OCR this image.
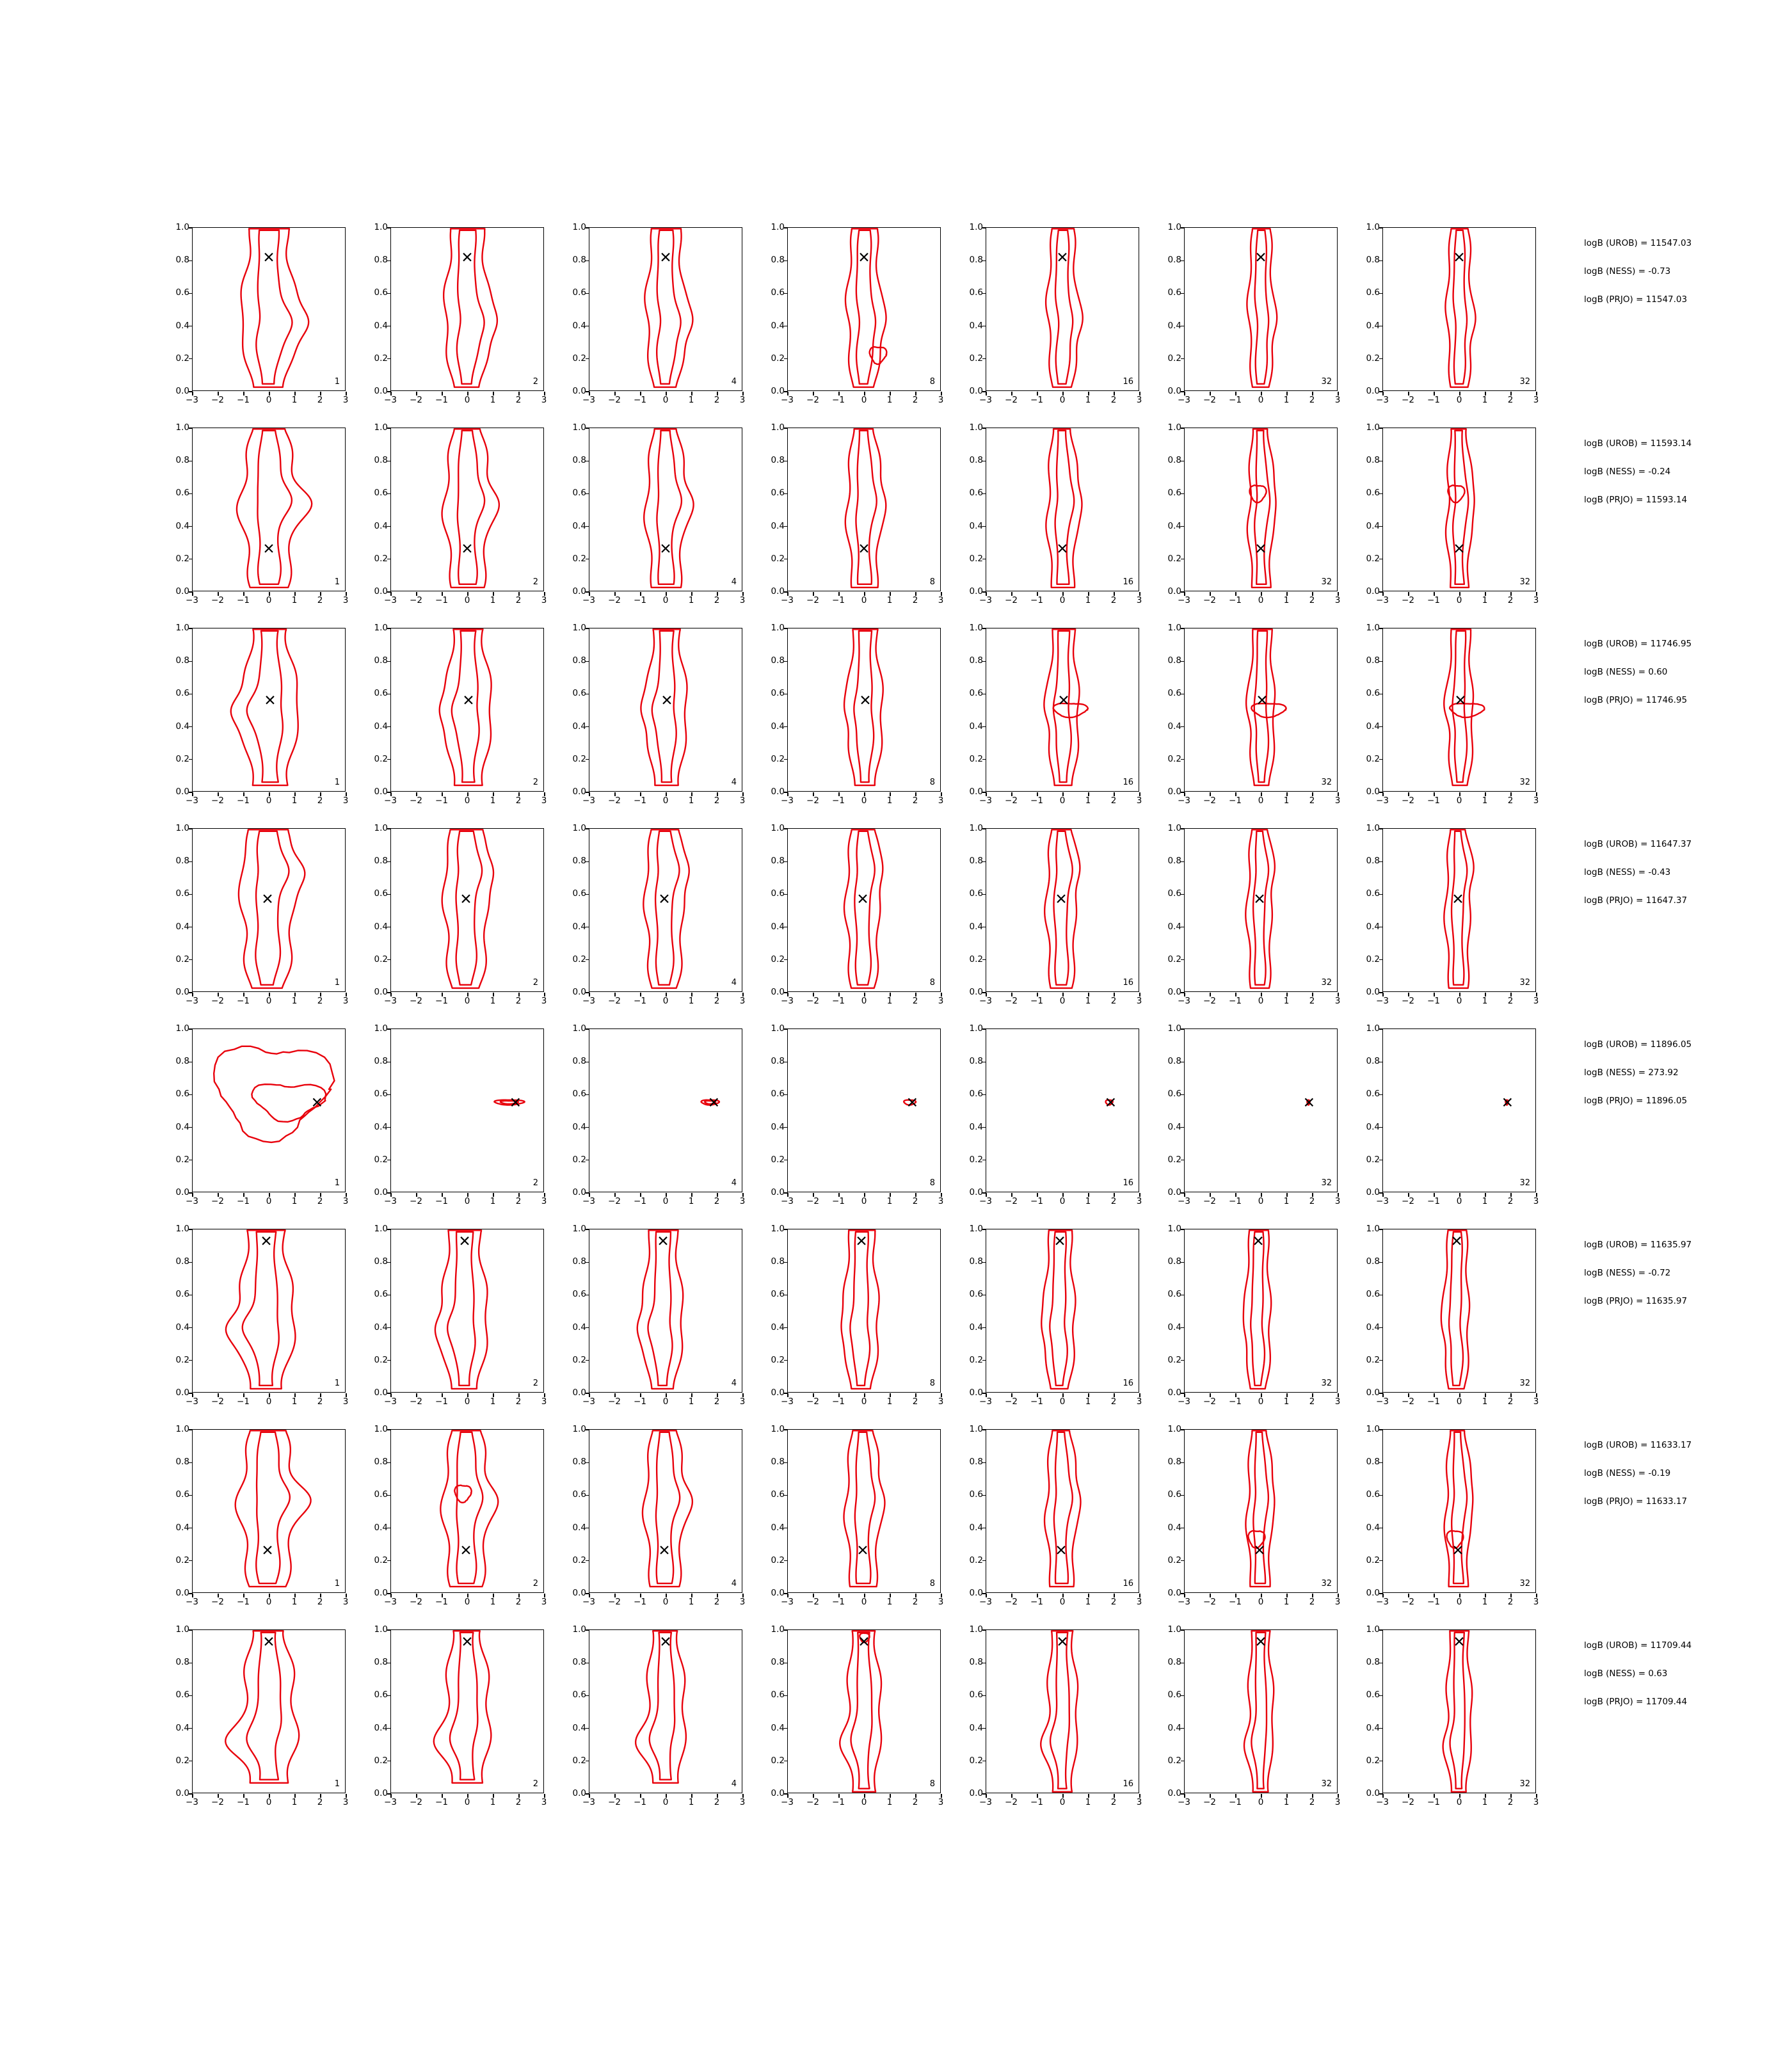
1
0.0
0.2
0.4
0.6
0.8
1.0
−3 −2 −1 0 1 2 3
2
0.0
0.2
0.4
0.6
0.8
1.0
−3 −2 −1 0 1 2 3
4
0.0
0.2
0.4
0.6
0.8
1.0
−3 −2 −1 0 1 2 3
8
0.0
0.2
0.4
0.6
0.8
1.0
−3 −2 −1 0 1 2 3
16
0.0
0.2
0.4
0.6
0.8
1.0
−3 −2 −1 0 1 2 3
32
0.0
0.2
0.4
0.6
0.8
1.0
−3 −2 −1 0 1 2 3
32
0.0
0.2
0.4
0.6
0.8
1.0
−3 −2 −1 0 1 2 3
1
0.0
0.2
0.4
0.6
0.8
1.0
−3 −2 −1 0 1 2 3
2
0.0
0.2
0.4
0.6
0.8
1.0
−3 −2 −1 0 1 2 3
4
0.0
0.2
0.4
0.6
0.8
1.0
−3 −2 −1 0 1 2 3
8
0.0
0.2
0.4
0.6
0.8
1.0
−3 −2 −1 0 1 2 3
16
0.0
0.2
0.4
0.6
0.8
1.0
−3 −2 −1 0 1 2 3
32
0.0
0.2
0.4
0.6
0.8
1.0
−3 −2 −1 0 1 2 3
32
0.0
0.2
0.4
0.6
0.8
1.0
−3 −2 −1 0 1 2 3
1
0.0
0.2
0.4
0.6
0.8
1.0
−3 −2 −1 0 1 2 3
2
0.0
0.2
0.4
0.6
0.8
1.0
−3 −2 −1 0 1 2 3
4
0.0
0.2
0.4
0.6
0.8
1.0
−3 −2 −1 0 1 2 3
8
0.0
0.2
0.4
0.6
0.8
1.0
−3 −2 −1 0 1 2 3
16
0.0
0.2
0.4
0.6
0.8
1.0
−3 −2 −1 0 1 2 3
32
0.0
0.2
0.4
0.6
0.8
1.0
−3 −2 −1 0 1 2 3
32
0.0
0.2
0.4
0.6
0.8
1.0
−3 −2 −1 0 1 2 3
1
0.0
0.2
0.4
0.6
0.8
1.0
−3 −2 −1 0 1 2 3
2
0.0
0.2
0.4
0.6
0.8
1.0
−3 −2 −1 0 1 2 3
4
0.0
0.2
0.4
0.6
0.8
1.0
−3 −2 −1 0 1 2 3
8
0.0
0.2
0.4
0.6
0.8
1.0
−3 −2 −1 0 1 2 3
16
0.0
0.2
0.4
0.6
0.8
1.0
−3 −2 −1 0 1 2 3
32
0.0
0.2
0.4
0.6
0.8
1.0
−3 −2 −1 0 1 2 3
32
0.0
0.2
0.4
0.6
0.8
1.0
−3 −2 −1 0 1 2 3
1
0.0
0.2
0.4
0.6
0.8
1.0
−3 −2 −1 0 1 2 3
2
0.0
0.2
0.4
0.6
0.8
1.0
−3 −2 −1 0 1 2 3
4
0.0
0.2
0.4
0.6
0.8
1.0
−3 −2 −1 0 1 2 3
8
0.0
0.2
0.4
0.6
0.8
1.0
−3 −2 −1 0 1 2 3
16
0.0
0.2
0.4
0.6
0.8
1.0
−3 −2 −1 0 1 2 3
32
0.0
0.2
0.4
0.6
0.8
1.0
−3 −2 −1 0 1 2 3
32
0.0
0.2
0.4
0.6
0.8
1.0
−3 −2 −1 0 1 2 3
1
0.0
0.2
0.4
0.6
0.8
1.0
−3 −2 −1 0 1 2 3
2
0.0
0.2
0.4
0.6
0.8
1.0
−3 −2 −1 0 1 2 3
4
0.0
0.2
0.4
0.6
0.8
1.0
−3 −2 −1 0 1 2 3
8
0.0
0.2
0.4
0.6
0.8
1.0
−3 −2 −1 0 1 2 3
16
0.0
0.2
0.4
0.6
0.8
1.0
−3 −2 −1 0 1 2 3
32
0.0
0.2
0.4
0.6
0.8
1.0
−3 −2 −1 0 1 2 3
32
0.0
0.2
0.4
0.6
0.8
1.0
−3 −2 −1 0 1 2 3
1
0.0
0.2
0.4
0.6
0.8
1.0
−3 −2 −1 0 1 2 3
2
0.0
0.2
0.4
0.6
0.8
1.0
−3 −2 −1 0 1 2 3
4
0.0
0.2
0.4
0.6
0.8
1.0
−3 −2 −1 0 1 2 3
8
0.0
0.2
0.4
0.6
0.8
1.0
−3 −2 −1 0 1 2 3
16
0.0
0.2
0.4
0.6
0.8
1.0
−3 −2 −1 0 1 2 3
32
0.0
0.2
0.4
0.6
0.8
1.0
−3 −2 −1 0 1 2 3
32
0.0
0.2
0.4
0.6
0.8
1.0
−3 −2 −1 0 1 2 3
1
0.0
0.2
0.4
0.6
0.8
1.0
−3 −2 −1 0 1 2 3
2
0.0
0.2
0.4
0.6
0.8
1.0
−3 −2 −1 0 1 2 3
4
0.0
0.2
0.4
0.6
0.8
1.0
−3 −2 −1 0 1 2 3
8
0.0
0.2
0.4
0.6
0.8
1.0
−3 −2 −1 0 1 2 3
16
0.0
0.2
0.4
0.6
0.8
1.0
−3 −2 −1 0 1 2 3
32
0.0
0.2
0.4
0.6
0.8
1.0
−3 −2 −1 0 1 2 3
32
0.0
0.2
0.4
0.6
0.8
1.0
−3 −2 −1 0 1 2 3
logB (UROB) = 11547.03
logB (NESS) = -0.73
logB (PRJO) = 11547.03
logB (UROB) = 11593.14
logB (NESS) = -0.24
logB (PRJO) = 11593.14
logB (UROB) = 11746.95
logB (NESS) = 0.60
logB (PRJO) = 11746.95
logB (UROB) = 11647.37
logB (NESS) = -0.43
logB (PRJO) = 11647.37
logB (UROB) = 11896.05
logB (NESS) = 273.92
logB (PRJO) = 11896.05
logB (UROB) = 11635.97
logB (NESS) = -0.72
logB (PRJO) = 11635.97
logB (UROB) = 11633.17
logB (NESS) = -0.19
logB (PRJO) = 11633.17
logB (UROB) = 11709.44
logB (NESS) = 0.63
logB (PRJO) = 11709.44
